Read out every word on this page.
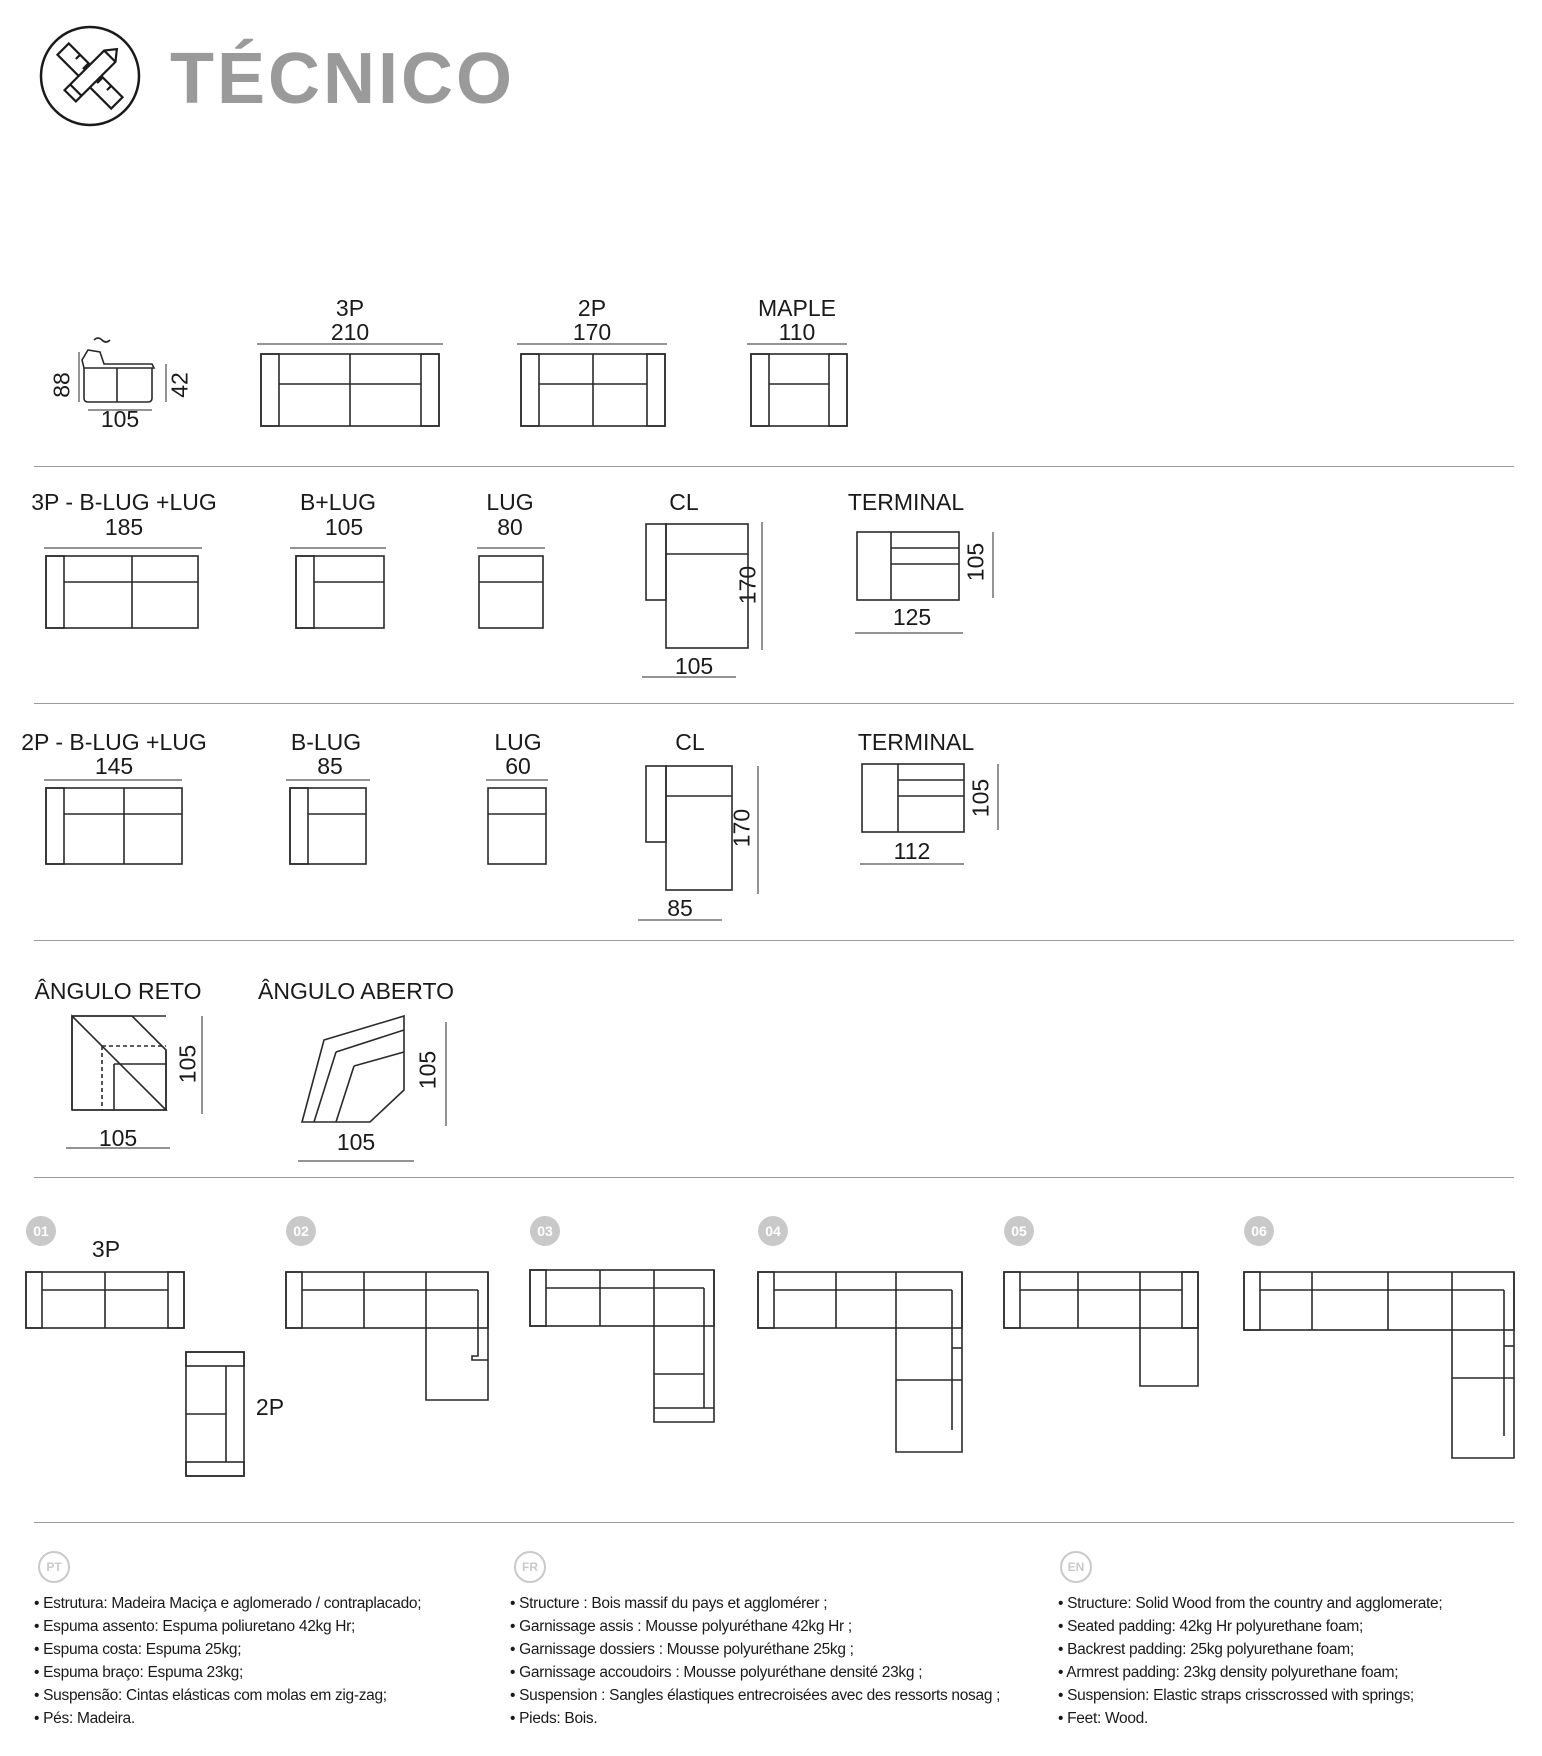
TÉCNICO
88	42
105
3P
210
2P
170
MAPLE
110
3P - B-LUG +LUG
185
B+LUG
105
LUG
80
CL
170
105
TERMINAL
105
125
2P - B-LUG +LUG
145
B-LUG
85
LUG
60
CL
170
85
TERMINAL
105
112
ÂNGULO RETO
105
105
ÂNGULO ABERTO
105
105
01	02	03	04	05	06
3P
2P
PT	FR	EN
• Estrutura: Madeira Maciça e aglomerado / contraplacado;
• Espuma assento: Espuma poliuretano 42kg Hr;
• Espuma costa: Espuma 25kg;
• Espuma braço: Espuma 23kg;
• Suspensão: Cintas elásticas com molas em zig-zag;
• Pés: Madeira.
• Structure : Bois massif du pays et agglomérer ;
• Garnissage assis : Mousse polyuréthane 42kg Hr ;
• Garnissage dossiers : Mousse polyuréthane 25kg ;
• Garnissage accoudoirs : Mousse polyuréthane densité 23kg ;
• Suspension : Sangles élastiques entrecroisées avec des ressorts nosag ;
• Pieds: Bois.
• Structure: Solid Wood from the country and agglomerate;
• Seated padding: 42kg Hr polyurethane foam;
• Backrest padding: 25kg polyurethane foam;
• Armrest padding: 23kg density polyurethane foam;
• Suspension: Elastic straps crisscrossed with springs;
• Feet: Wood.
